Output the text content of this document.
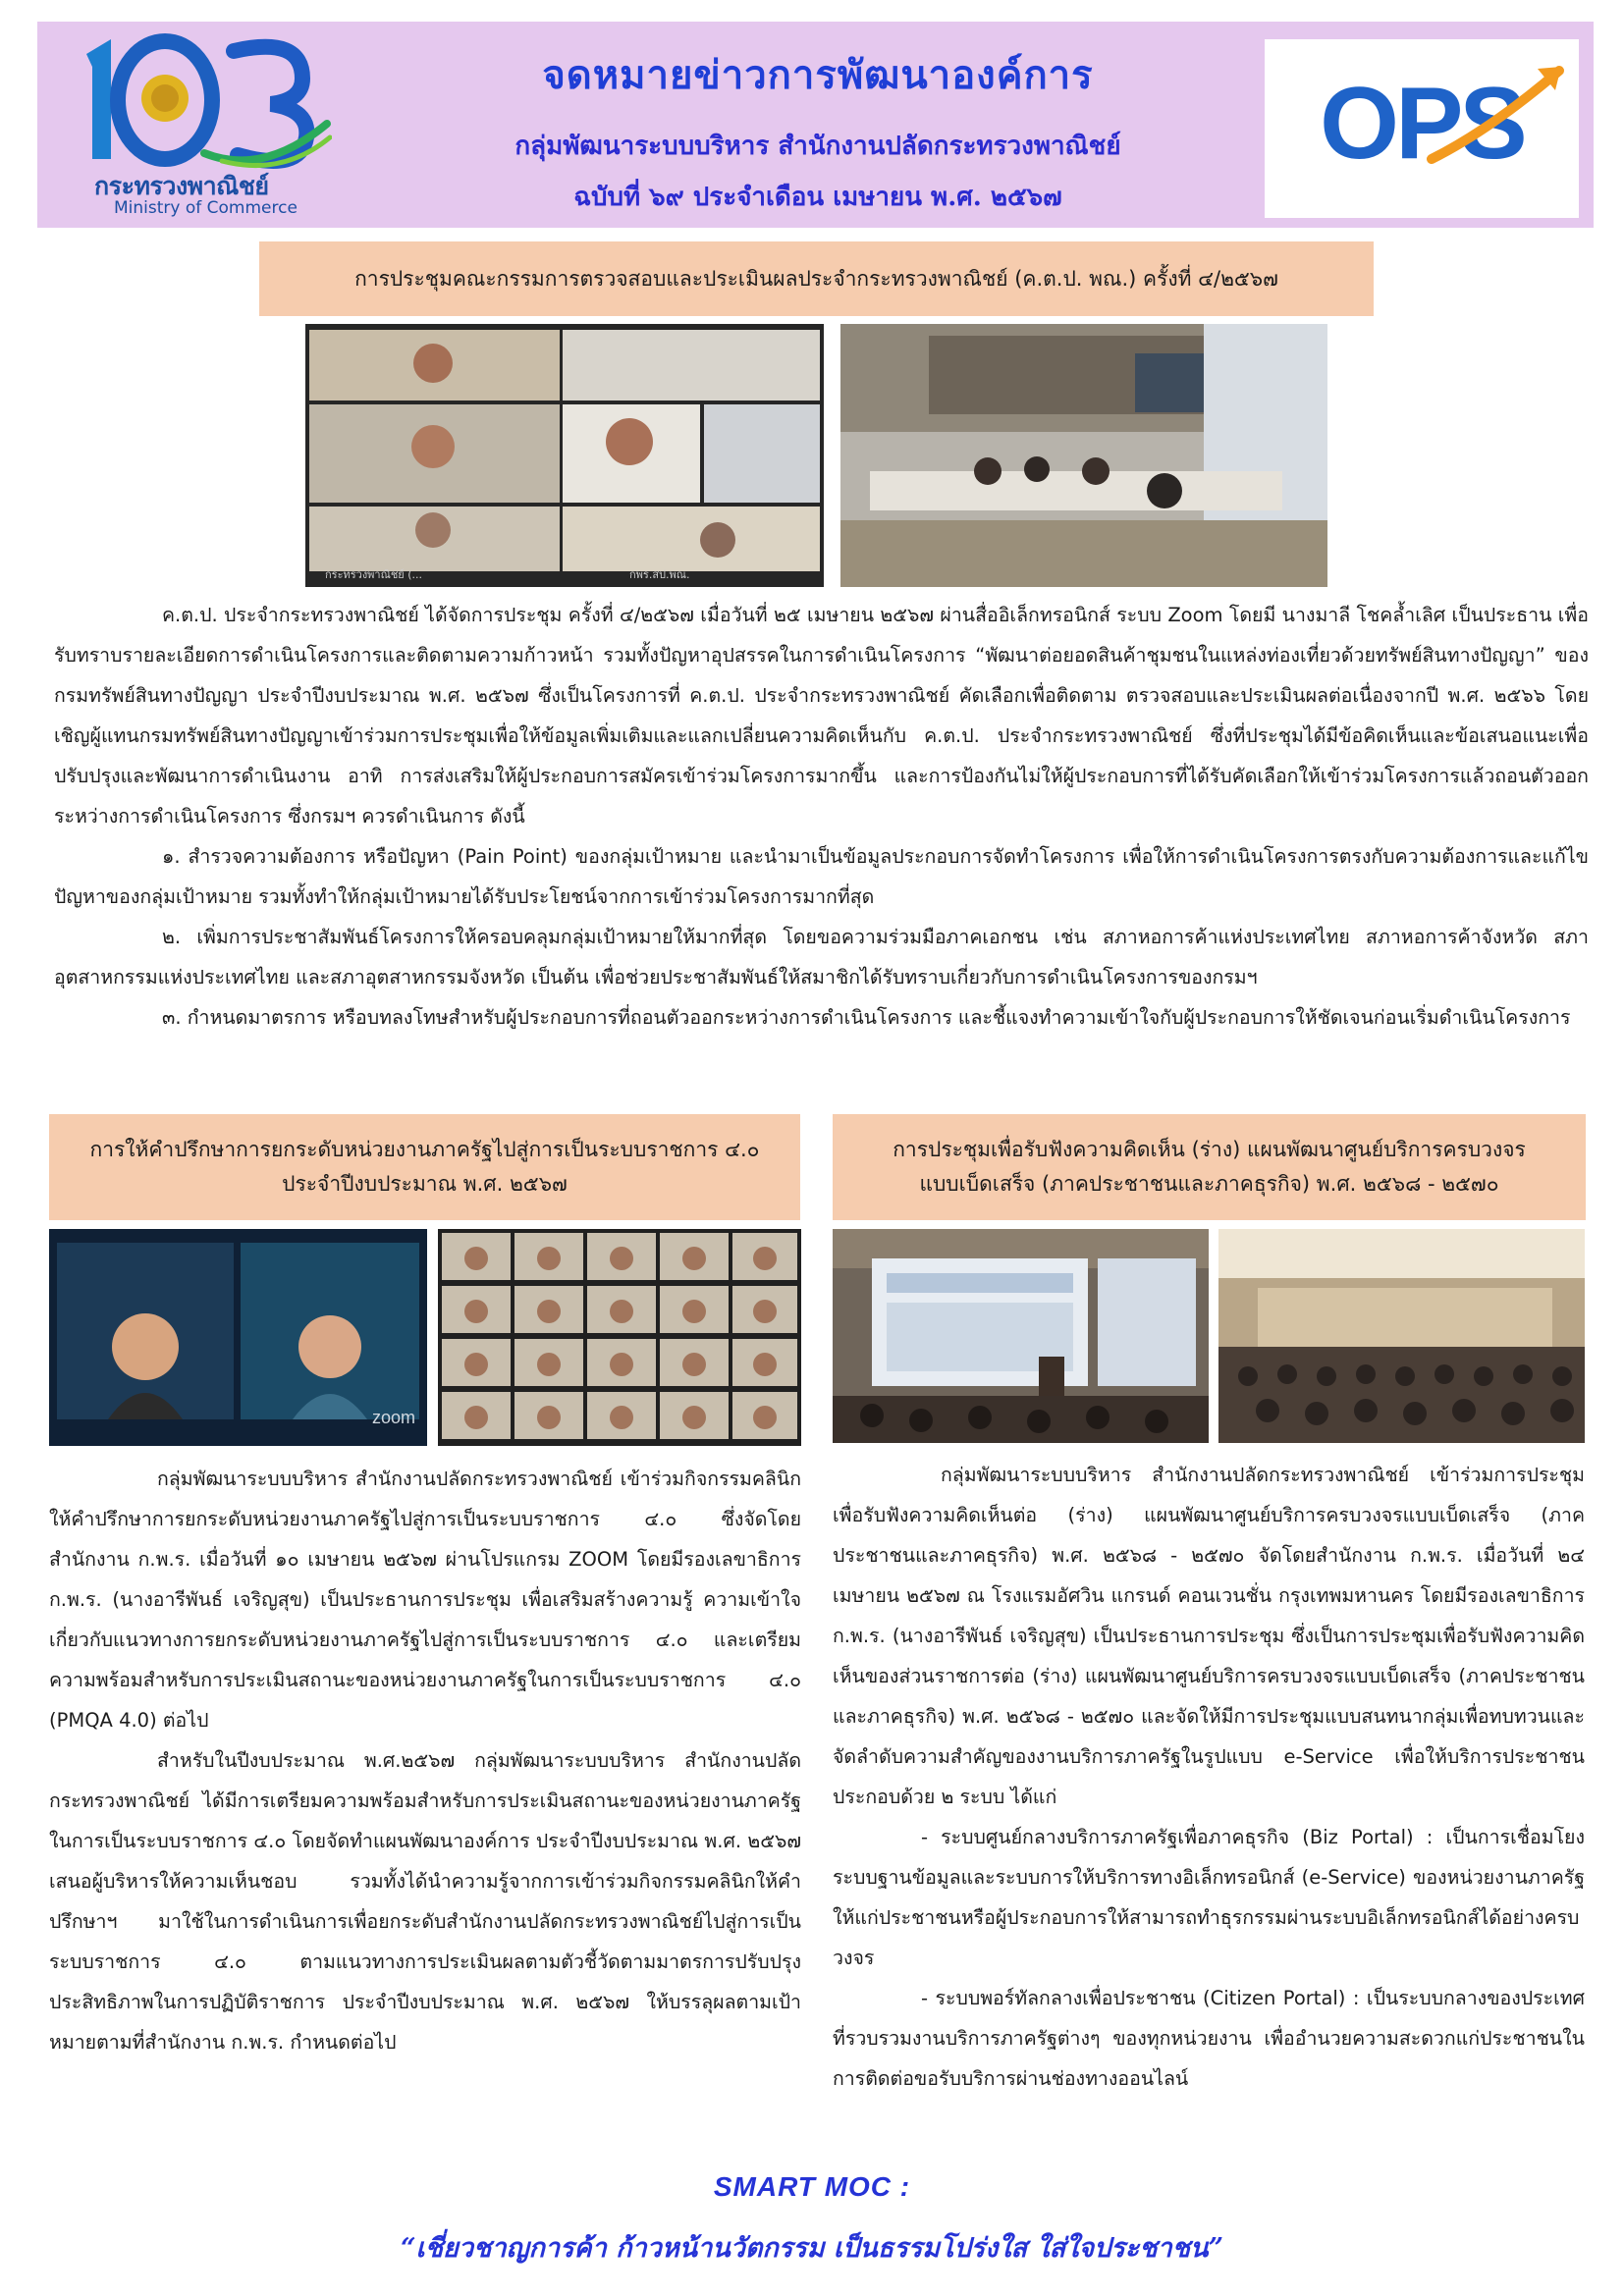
กระทรวงพาณิชย์
Ministry of Commerce
จดหมายข่าวการพัฒนาองค์การ
กลุ่มพัฒนาระบบบริหาร สำนักงานปลัดกระทรวงพาณิชย์
ฉบับที่ ๖๙ ประจำเดือน เมษายน พ.ศ. ๒๕๖๗
OPS
การประชุมคณะกรรมการตรวจสอบและประเมินผลประจำกระทรวงพาณิชย์ (ค.ต.ป. พณ.) ครั้งที่ ๔/๒๕๖๗
กระทรวงพาณิชย์ (...	กพร.สป.พณ.

ค.ต.ป. ประจำกระทรวงพาณิชย์ ได้จัดการประชุม ครั้งที่ ๔/๒๕๖๗ เมื่อวันที่ ๒๕ เมษายน ๒๕๖๗ ผ่านสื่ออิเล็กทรอนิกส์ ระบบ Zoom โดยมี นางมาลี โชคล้ำเลิศ เป็นประธาน เพื่อรับทราบรายละเอียดการดำเนินโครงการและติดตามความก้าวหน้า รวมทั้งปัญหาอุปสรรคในการดำเนินโครงการ “พัฒนาต่อยอดสินค้าชุมชนในแหล่งท่องเที่ยวด้วยทรัพย์สินทางปัญญา” ของกรมทรัพย์สินทางปัญญา ประจำปีงบประมาณ พ.ศ. ๒๕๖๗ ซึ่งเป็นโครงการที่ ค.ต.ป. ประจำกระทรวงพาณิชย์ คัดเลือกเพื่อติดตาม ตรวจสอบและประเมินผลต่อเนื่องจากปี พ.ศ. ๒๕๖๖ โดยเชิญผู้แทนกรมทรัพย์สินทางปัญญาเข้าร่วมการประชุมเพื่อให้ข้อมูลเพิ่มเติมและแลกเปลี่ยนความคิดเห็นกับ ค.ต.ป. ประจำกระทรวงพาณิชย์ ซึ่งที่ประชุมได้มีข้อคิดเห็นและข้อเสนอแนะเพื่อปรับปรุงและพัฒนาการดำเนินงาน อาทิ การส่งเสริมให้ผู้ประกอบการสมัครเข้าร่วมโครงการมากขึ้น และการป้องกันไม่ให้ผู้ประกอบการที่ได้รับคัดเลือกให้เข้าร่วมโครงการแล้วถอนตัวออกระหว่างการดำเนินโครงการ ซึ่งกรมฯ ควรดำเนินการ ดังนี้

๑. สำรวจความต้องการ หรือปัญหา (Pain Point) ของกลุ่มเป้าหมาย และนำมาเป็นข้อมูลประกอบการจัดทำโครงการ เพื่อให้การดำเนินโครงการตรงกับความต้องการและแก้ไขปัญหาของกลุ่มเป้าหมาย รวมทั้งทำให้กลุ่มเป้าหมายได้รับประโยชน์จากการเข้าร่วมโครงการมากที่สุด

๒. เพิ่มการประชาสัมพันธ์โครงการให้ครอบคลุมกลุ่มเป้าหมายให้มากที่สุด โดยขอความร่วมมือภาคเอกชน เช่น สภาหอการค้าแห่งประเทศไทย สภาหอการค้าจังหวัด สภาอุตสาหกรรมแห่งประเทศไทย และสภาอุตสาหกรรมจังหวัด เป็นต้น เพื่อช่วยประชาสัมพันธ์ให้สมาชิกได้รับทราบเกี่ยวกับการดำเนินโครงการของกรมฯ

๓. กำหนดมาตรการ หรือบทลงโทษสำหรับผู้ประกอบการที่ถอนตัวออกระหว่างการดำเนินโครงการ และชี้แจงทำความเข้าใจกับผู้ประกอบการให้ชัดเจนก่อนเริ่มดำเนินโครงการ

การให้คำปรึกษาการยกระดับหน่วยงานภาครัฐไปสู่การเป็นระบบราชการ ๔.๐
ประจำปีงบประมาณ พ.ศ. ๒๕๖๗
zoom

กลุ่มพัฒนาระบบบริหาร สำนักงานปลัดกระทรวงพาณิชย์ เข้าร่วมกิจกรรมคลินิกให้คำปรึกษาการยกระดับหน่วยงานภาครัฐไปสู่การเป็นระบบราชการ ๔.๐ ซึ่งจัดโดยสำนักงาน ก.พ.ร. เมื่อวันที่ ๑๐ เมษายน ๒๕๖๗ ผ่านโปรแกรม ZOOM โดยมีรองเลขาธิการ ก.พ.ร. (นางอารีพันธ์ เจริญสุข) เป็นประธานการประชุม เพื่อเสริมสร้างความรู้ ความเข้าใจเกี่ยวกับแนวทางการยกระดับหน่วยงานภาครัฐไปสู่การเป็นระบบราชการ ๔.๐ และเตรียมความพร้อมสำหรับการประเมินสถานะของหน่วยงานภาครัฐในการเป็นระบบราชการ ๔.๐ (PMQA 4.0) ต่อไป

สำหรับในปีงบประมาณ พ.ศ.๒๕๖๗ กลุ่มพัฒนาระบบบริหาร สำนักงานปลัดกระทรวงพาณิชย์ ได้มีการเตรียมความพร้อมสำหรับการประเมินสถานะของหน่วยงานภาครัฐในการเป็นระบบราชการ ๔.๐ โดยจัดทำแผนพัฒนาองค์การ ประจำปีงบประมาณ พ.ศ. ๒๕๖๗ เสนอผู้บริหารให้ความเห็นชอบ รวมทั้งได้นำความรู้จากการเข้าร่วมกิจกรรมคลินิกให้คำปรึกษาฯ มาใช้ในการดำเนินการเพื่อยกระดับสำนักงานปลัดกระทรวงพาณิชย์ไปสู่การเป็นระบบราชการ ๔.๐ ตามแนวทางการประเมินผลตามตัวชี้วัดตามมาตรการปรับปรุงประสิทธิภาพในการปฏิบัติราชการ ประจำปีงบประมาณ พ.ศ. ๒๕๖๗ ให้บรรลุผลตามเป้าหมายตามที่สำนักงาน ก.พ.ร. กำหนดต่อไป

การประชุมเพื่อรับฟังความคิดเห็น (ร่าง) แผนพัฒนาศูนย์บริการครบวงจร
แบบเบ็ดเสร็จ (ภาคประชาชนและภาคธุรกิจ) พ.ศ. ๒๕๖๘ - ๒๕๗๐

กลุ่มพัฒนาระบบบริหาร สำนักงานปลัดกระทรวงพาณิชย์ เข้าร่วมการประชุมเพื่อรับฟังความคิดเห็นต่อ (ร่าง) แผนพัฒนาศูนย์บริการครบวงจรแบบเบ็ดเสร็จ (ภาคประชาชนและภาคธุรกิจ) พ.ศ. ๒๕๖๘ - ๒๕๗๐ จัดโดยสำนักงาน ก.พ.ร. เมื่อวันที่ ๒๔ เมษายน ๒๕๖๗ ณ โรงแรมอัศวิน แกรนด์ คอนเวนชั่น กรุงเทพมหานคร โดยมีรองเลขาธิการ ก.พ.ร. (นางอารีพันธ์ เจริญสุข) เป็นประธานการประชุม ซึ่งเป็นการประชุมเพื่อรับฟังความคิดเห็นของส่วนราชการต่อ (ร่าง) แผนพัฒนาศูนย์บริการครบวงจรแบบเบ็ดเสร็จ (ภาคประชาชนและภาคธุรกิจ) พ.ศ. ๒๕๖๘ - ๒๕๗๐ และจัดให้มีการประชุมแบบสนทนากลุ่มเพื่อทบทวนและจัดลำดับความสำคัญของงานบริการภาครัฐในรูปแบบ e-Service เพื่อให้บริการประชาชน ประกอบด้วย ๒ ระบบ ได้แก่

- ระบบศูนย์กลางบริการภาครัฐเพื่อภาคธุรกิจ (Biz Portal) : เป็นการเชื่อมโยงระบบฐานข้อมูลและระบบการให้บริการทางอิเล็กทรอนิกส์ (e-Service) ของหน่วยงานภาครัฐ ให้แก่ประชาชนหรือผู้ประกอบการให้สามารถทำธุรกรรมผ่านระบบอิเล็กทรอนิกส์ได้อย่างครบวงจร

- ระบบพอร์ทัลกลางเพื่อประชาชน (Citizen Portal) : เป็นระบบกลางของประเทศที่รวบรวมงานบริการภาครัฐต่างๆ ของทุกหน่วยงาน เพื่ออำนวยความสะดวกแก่ประชาชนในการติดต่อขอรับบริการผ่านช่องทางออนไลน์

SMART MOC :
“เชี่ยวชาญการค้า ก้าวหน้านวัตกรรม เป็นธรรมโปร่งใส ใส่ใจประชาชน”
